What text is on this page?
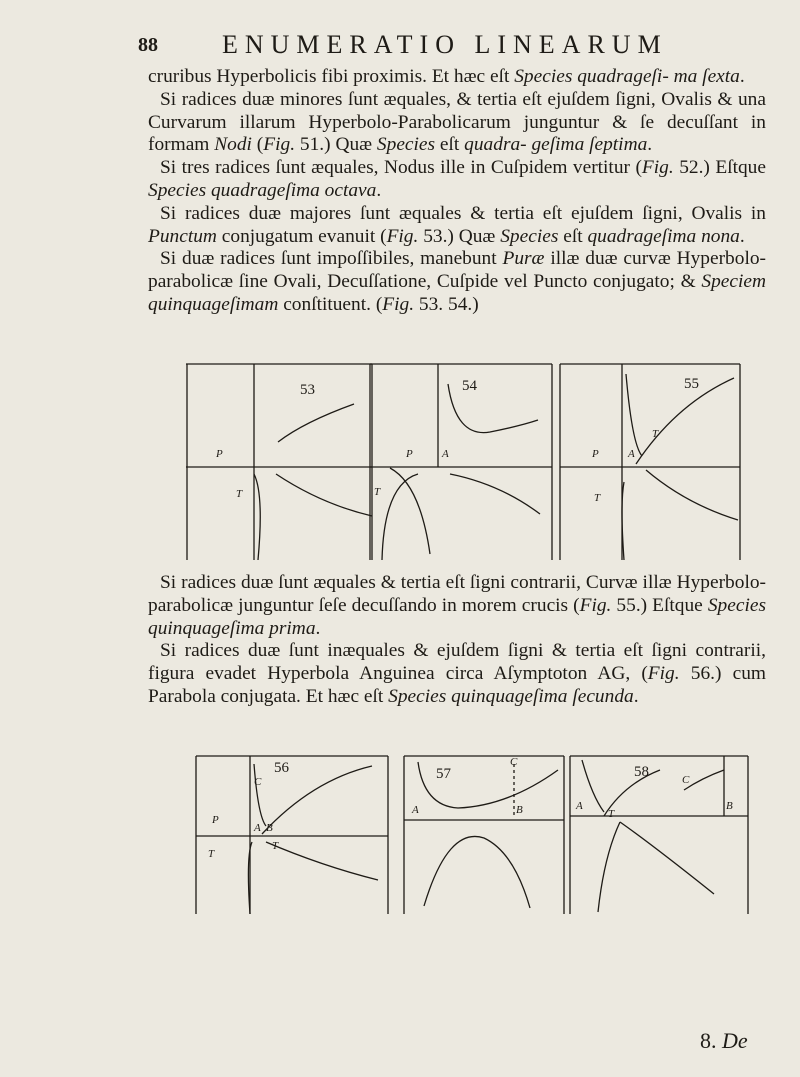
88 ENUMERATIO LINEARUM

cruribus Hyperbolicis fibi proximis. Et hæc eſt Species quadrageſi- ma ſexta.

Si radices duæ minores ſunt æquales, & tertia eſt ejuſdem ſigni, Ovalis & una Curvarum illarum Hyperbolo-Parabolicarum junguntur & ſe decuſſant in formam Nodi (Fig. 51.) Quæ Species eſt quadra- geſima ſeptima.

Si tres radices ſunt æquales, Nodus ille in Cuſpidem vertitur (Fig. 52.) Eſtque Species quadrageſima octava.

Si radices duæ majores ſunt æquales & tertia eſt ejuſdem ſigni, Ovalis in Punctum conjugatum evanuit (Fig. 53.) Quæ Species eſt quadrageſima nona.

Si duæ radices ſunt impoſſibiles, manebunt Puræ illæ duæ curvæ Hyperbolo-parabolicæ ſine Ovali, Decuſſatione, Cuſpide vel Puncto conjugato; & Speciem quinquageſimam conſtituent. (Fig. 53. 54.)

53
P
T
54
P	A
T
55
P	A
T
T

Si radices duæ ſunt æquales & tertia eſt ſigni contrarii, Curvæ illæ Hyperbolo-parabolicæ junguntur ſeſe decuſſando in morem crucis (Fig. 55.) Eſtque Species quinquageſima prima.

Si radices duæ ſunt inæquales & ejuſdem ſigni & tertia eſt ſigni contrarii, figura evadet Hyperbola Anguinea circa Aſymptoton AG, (Fig. 56.) cum Parabola conjugata. Et hæc eſt Species quinquageſima ſecunda.

56
P
T
C
A B
T
57
C
A	B
58
A	B
C
T
8. De
